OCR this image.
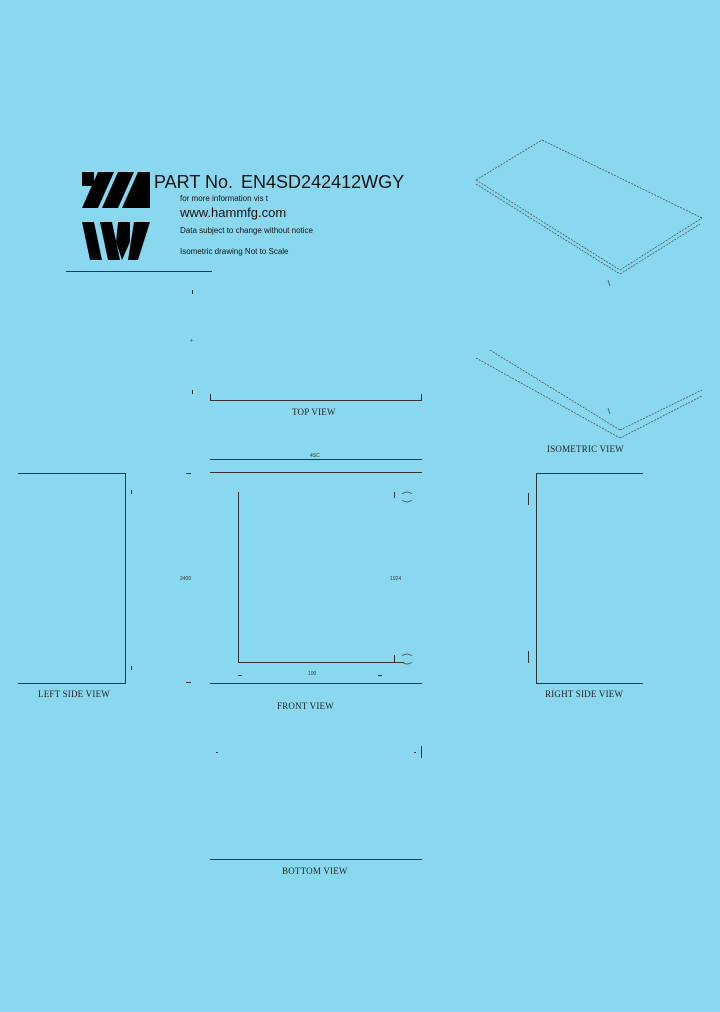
PART No. EN4SD242412WGY
for more information vis t
www.hammfg.com
Data subject to change without notice
Isometric drawing Not to Scale
+
TOP VIEW
ISOMETRIC VIEW
4SC
LEFT SIDE VIEW
2400	1024
100
FRONT VIEW
RIGHT SIDE VIEW
BOTTOM VIEW
